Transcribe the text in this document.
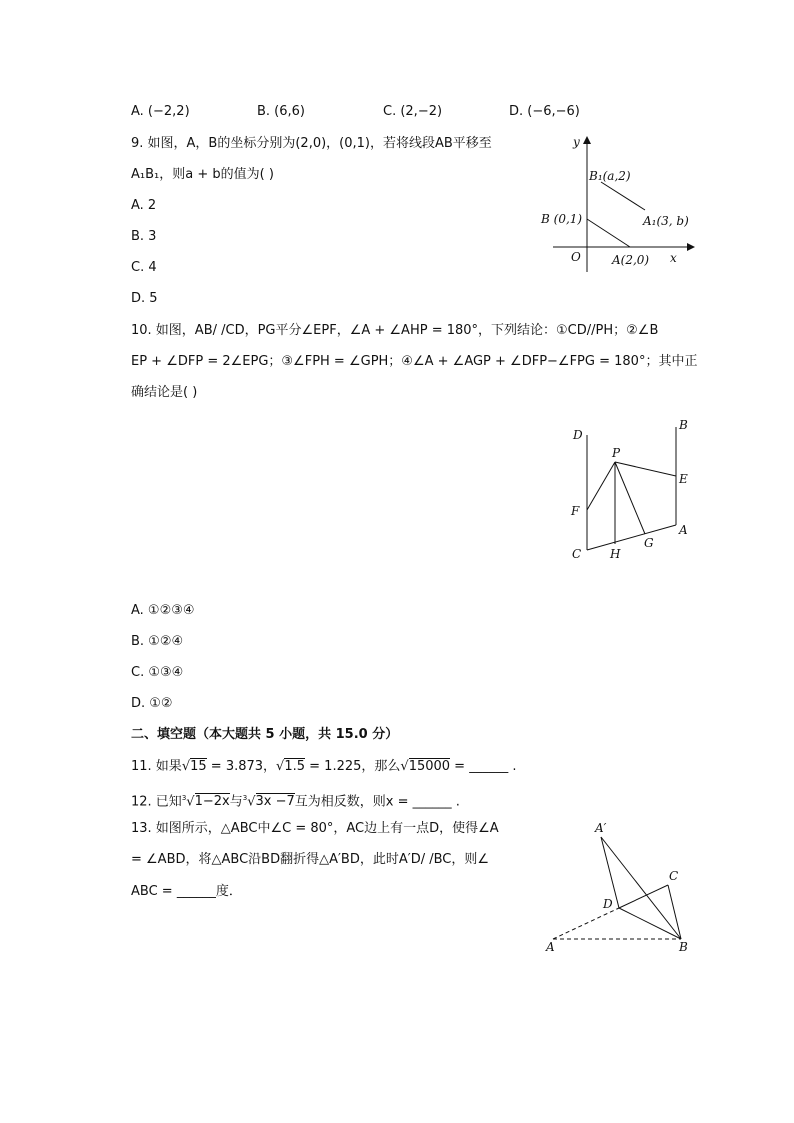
A. (−2,2)	B. (6,6)	C. (2,−2)	D. (−6,−6)
9. 如图，A，B的坐标分别为(2,0)，(0,1)，若将线段AB平移至
A₁B₁，则a + b的值为( )
A. 2
B. 3
C. 4
D. 5
y
x
O
B₁(a,2)
A₁(3, b)
B (0,1)
A(2,0)
10. 如图，AB/ /CD，PG平分∠EPF，∠A + ∠AHP = 180°，下列结论：①CD//PH；②∠B
EP + ∠DFP = 2∠EPG；③∠FPH = ∠GPH；④∠A + ∠AGP + ∠DFP−∠FPG = 180°；其中正
确结论是( )
D
B
P
E
F
A
G
C H
A. ①②③④
B. ①②④
C. ①③④
D. ①②
二、填空题（本大题共 5 小题，共 15.0 分）
11. 如果√15 = 3.873，√1.5 = 1.225，那么√15000 = ______ .
12. 已知$^3$√1−2x与$^3$√3x −7互为相反数，则x = ______ .
13. 如图所示，△ABC中∠C = 80°，AC边上有一点D，使得∠A
= ∠ABD，将△ABC沿BD翻折得△A′BD，此时A′D/ /BC，则∠
ABC = ______度．
A′
C
D
A	B
